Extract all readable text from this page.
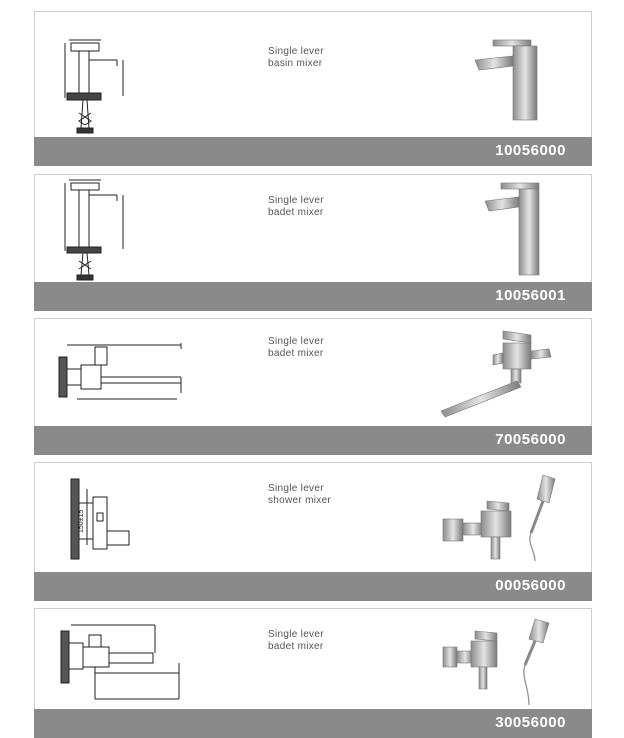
Single lever
basin mixer
10056000
Single lever
badet mixer
10056001
Single lever
badet mixer
70056000
150±15
Single lever
shower mixer
00056000
Single lever
badet mixer
30056000
